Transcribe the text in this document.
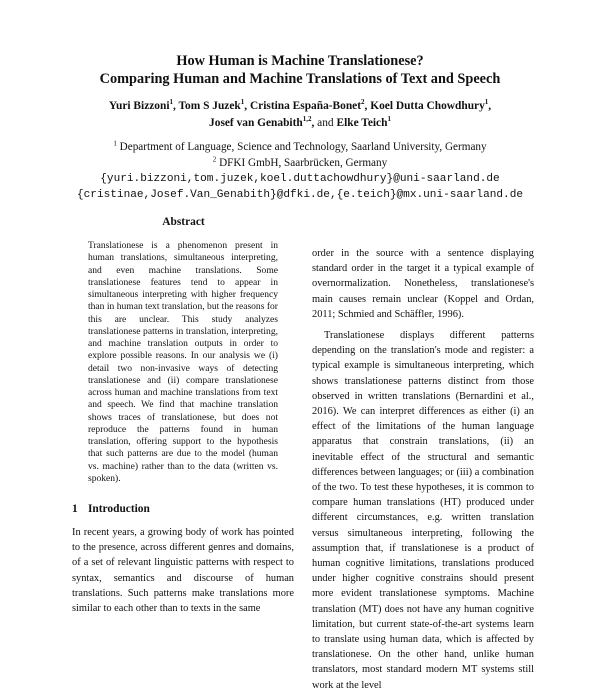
How Human is Machine Translationese?
Comparing Human and Machine Translations of Text and Speech
Yuri Bizzoni$^1$, Tom S Juzek$^1$, Cristina España-Bonet$^2$, Koel Dutta Chowdhury$^1$,
Josef van Genabith$^{1,2}$, and Elke Teich$^1$
$^1$ Department of Language, Science and Technology, Saarland University, Germany
$^2$ DFKI GmbH, Saarbrücken, Germany
{yuri.bizzoni,tom.juzek,koel.duttachowdhury}@uni-saarland.de
{cristinae,Josef.Van_Genabith}@dfki.de,{e.teich}@mx.uni-saarland.de
Abstract
Translationese is a phenomenon present in human translations, simultaneous interpreting, and even machine translations. Some translationese features tend to appear in simultaneous interpreting with higher frequency than in human text translation, but the reasons for this are unclear. This study analyzes translationese patterns in translation, interpreting, and machine translation outputs in order to explore possible reasons. In our analysis we (i) detail two non-invasive ways of detecting translationese and (ii) compare translationese across human and machine translations from text and speech. We find that machine translation shows traces of translationese, but does not reproduce the patterns found in human translation, offering support to the hypothesis that such patterns are due to the model (human vs. machine) rather than to the data (written vs. spoken).
1 Introduction
In recent years, a growing body of work has pointed to the presence, across different genres and domains, of a set of relevant linguistic patterns with respect to syntax, semantics and discourse of human translations. Such patterns make translations more similar to each other than to texts in the same
order in the source with a sentence displaying standard order in the target it a typical example of overnormalization. Nonetheless, translationese's main causes remain unclear (Koppel and Ordan, 2011; Schmied and Schäffler, 1996).
Translationese displays different patterns depending on the translation's mode and register: a typical example is simultaneous interpreting, which shows translationese patterns distinct from those observed in written translations (Bernardini et al., 2016). We can interpret differences as either (i) an effect of the limitations of the human language apparatus that constrain translations, (ii) an inevitable effect of the structural and semantic differences between languages; or (iii) a combination of the two. To test these hypotheses, it is common to compare human translations (HT) produced under different circumstances, e.g. written translation versus simultaneous interpreting, following the assumption that, if translationese is a product of human cognitive limitations, translations produced under higher cognitive constrains should present more evident translationese symptoms. Machine translation (MT) does not have any human cognitive limitation, but current state-of-the-art systems learn to translate using human data, which is affected by translationese. On the other hand, unlike human translators, most standard modern MT systems still work at the level
